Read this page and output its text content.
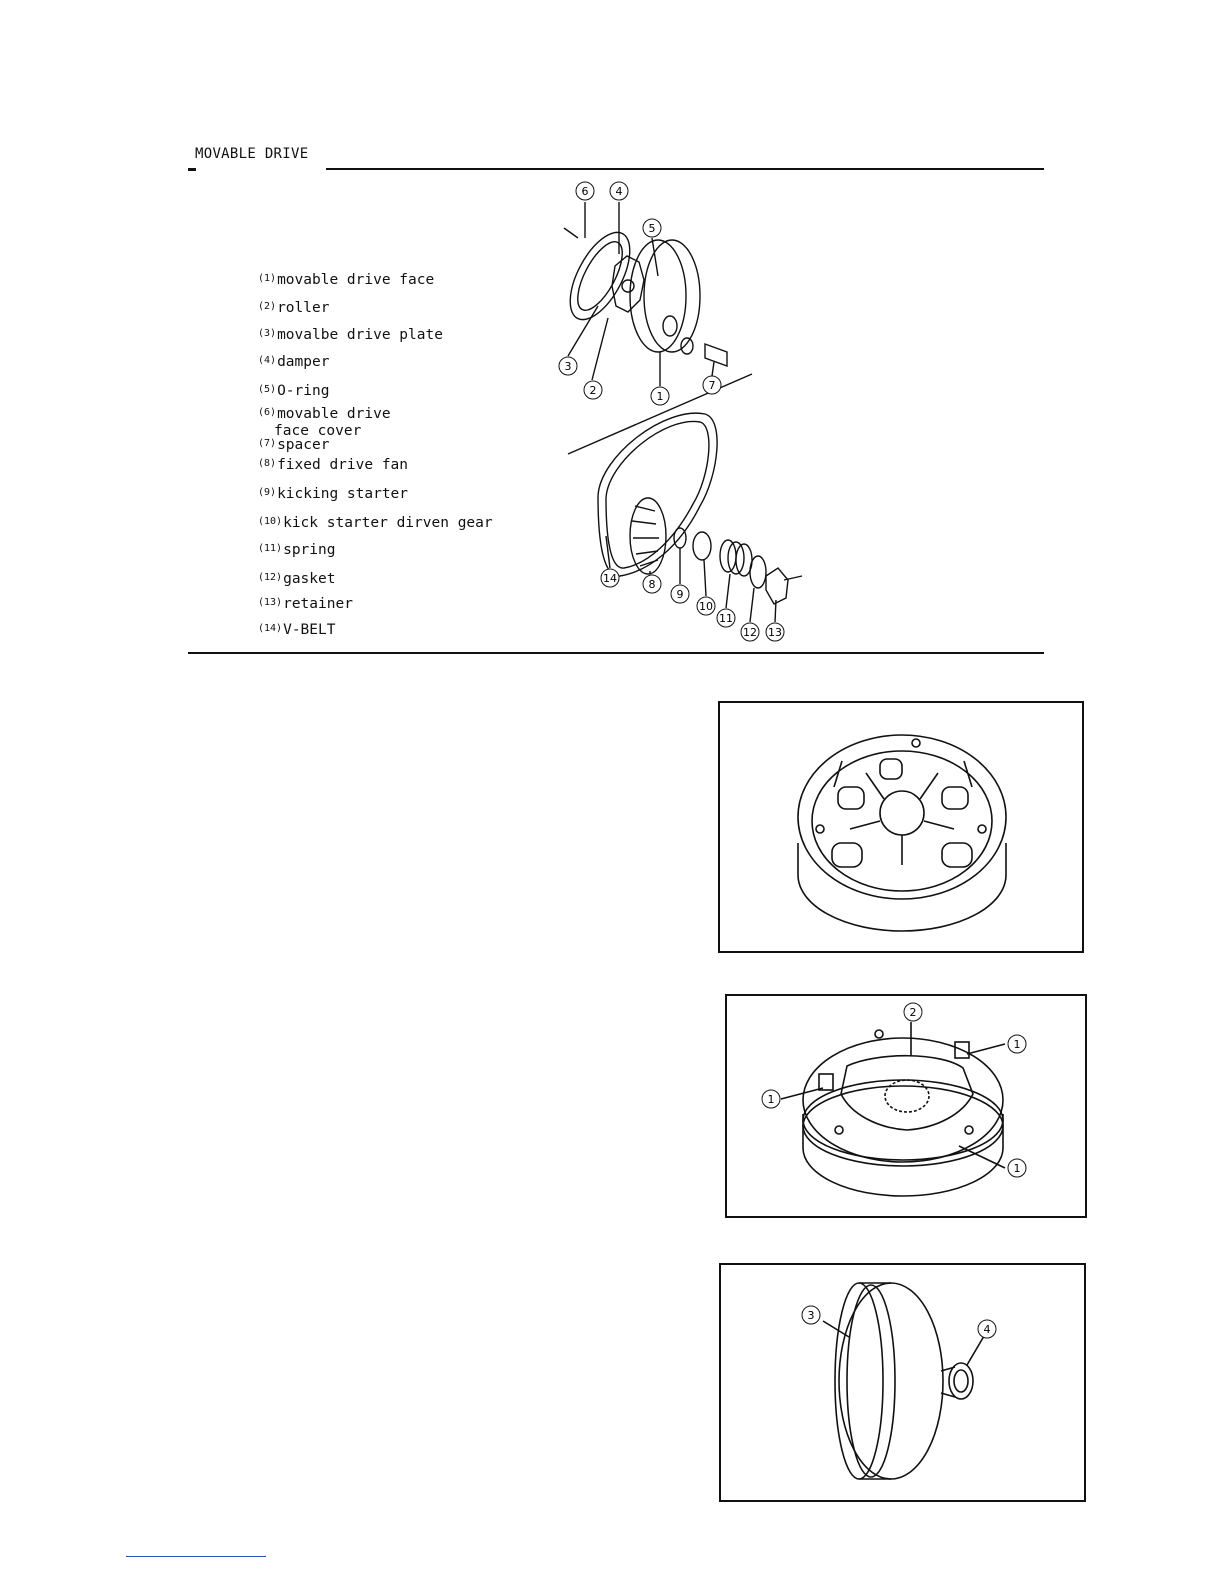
MOVABLE DRIVE
$^{(1)}$movable drive face
$^{(2)}$roller
$^{(3)}$movalbe drive plate
$^{(4)}$damper
$^{(5)}$O-ring
$^{(6)}$movable drive
face cover
$^{(7)}$spacer
$^{(8)}$fixed drive fan
$^{(9)}$kicking starter
$^{(10)}$kick starter dirven gear
$^{(11)}$spring
$^{(12)}$gasket
$^{(13)}$retainer
$^{(14)}$V-BELT
6 4
5
3
2	1
7
14	8
9
10
11
12 13
2
1
1
1
3
4
